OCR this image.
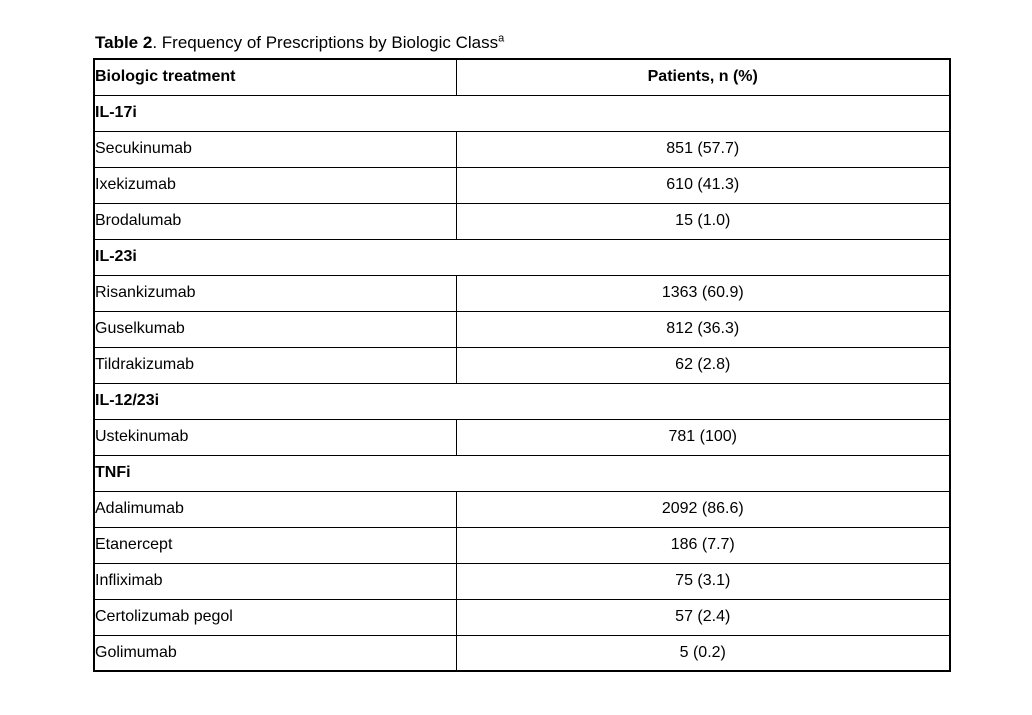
Table 2. Frequency of Prescriptions by Biologic Class$^a$
Biologic treatment	Patients, n (%)
IL-17i	
Secukinumab	851 (57.7)
Ixekizumab	610 (41.3)
Brodalumab	15 (1.0)
IL-23i	
Risankizumab	1363 (60.9)
Guselkumab	812 (36.3)
Tildrakizumab	62 (2.8)
IL-12/23i	
Ustekinumab	781 (100)
TNFi	
Adalimumab	2092 (86.6)
Etanercept	186 (7.7)
Infliximab	75 (3.1)
Certolizumab pegol	57 (2.4)
Golimumab	5 (0.2)
